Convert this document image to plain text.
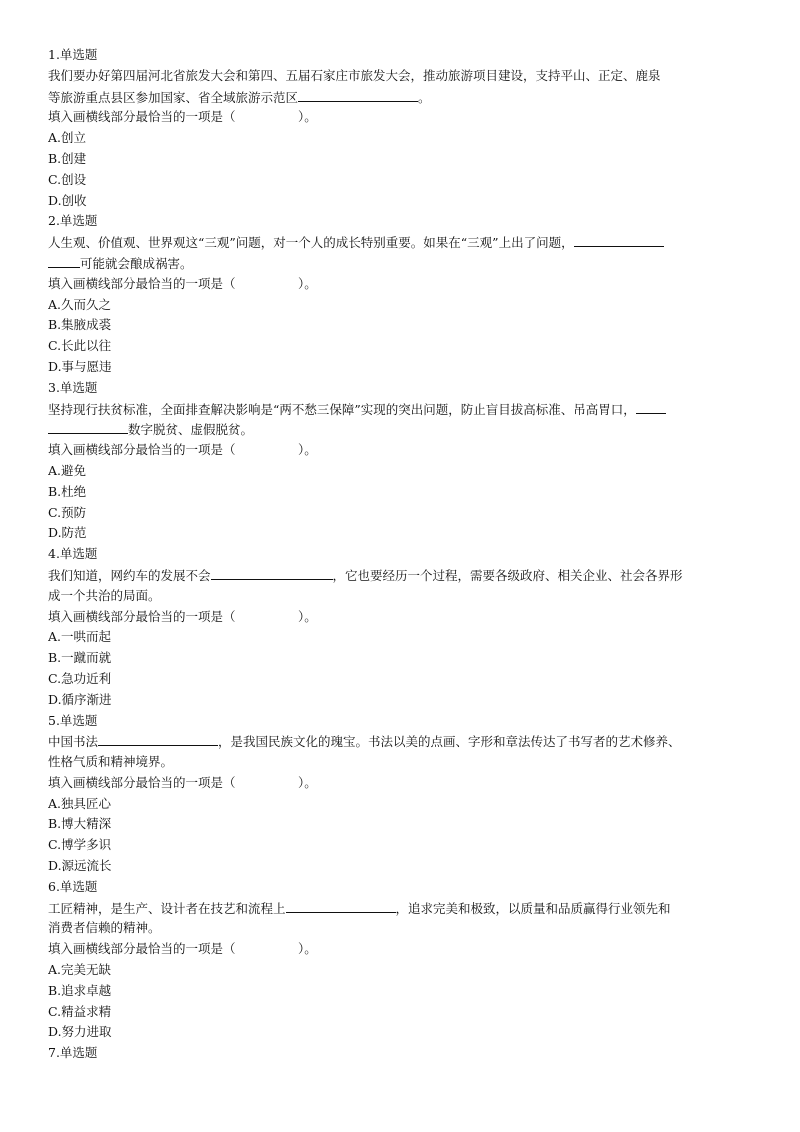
1.单选题
我们要办好第四届河北省旅发大会和第四、五届石家庄市旅发大会，推动旅游项目建设，支持平山、正定、鹿泉
等旅游重点县区参加国家、省全域旅游示范区	。
填入画横线部分最恰当的一项是（　　　　　）。
A.创立
B.创建
C.创设
D.创收
2.单选题
人生观、价值观、世界观这“三观”问题，对一个人的成长特别重要。如果在“三观”上出了问题，
可能就会酿成祸害。
填入画横线部分最恰当的一项是（　　　　　）。
A.久而久之
B.集腋成裘
C.长此以往
D.事与愿违
3.单选题
坚持现行扶贫标准，全面排查解决影响是“两不愁三保障”实现的突出问题，防止盲目拔高标准、吊高胃口，
数字脱贫、虚假脱贫。
填入画横线部分最恰当的一项是（　　　　　）。
A.避免
B.杜绝
C.预防
D.防范
4.单选题
我们知道，网约车的发展不会	，它也要经历一个过程，需要各级政府、相关企业、社会各界形
成一个共治的局面。
填入画横线部分最恰当的一项是（　　　　　）。
A.一哄而起
B.一蹴而就
C.急功近利
D.循序渐进
5.单选题
中国书法	，是我国民族文化的瑰宝。书法以美的点画、字形和章法传达了书写者的艺术修养、
性格气质和精神境界。
填入画横线部分最恰当的一项是（　　　　　）。
A.独具匠心
B.博大精深
C.博学多识
D.源远流长
6.单选题
工匠精神，是生产、设计者在技艺和流程上	，追求完美和极致，以质量和品质赢得行业领先和
消费者信赖的精神。
填入画横线部分最恰当的一项是（　　　　　）。
A.完美无缺
B.追求卓越
C.精益求精
D.努力进取
7.单选题
